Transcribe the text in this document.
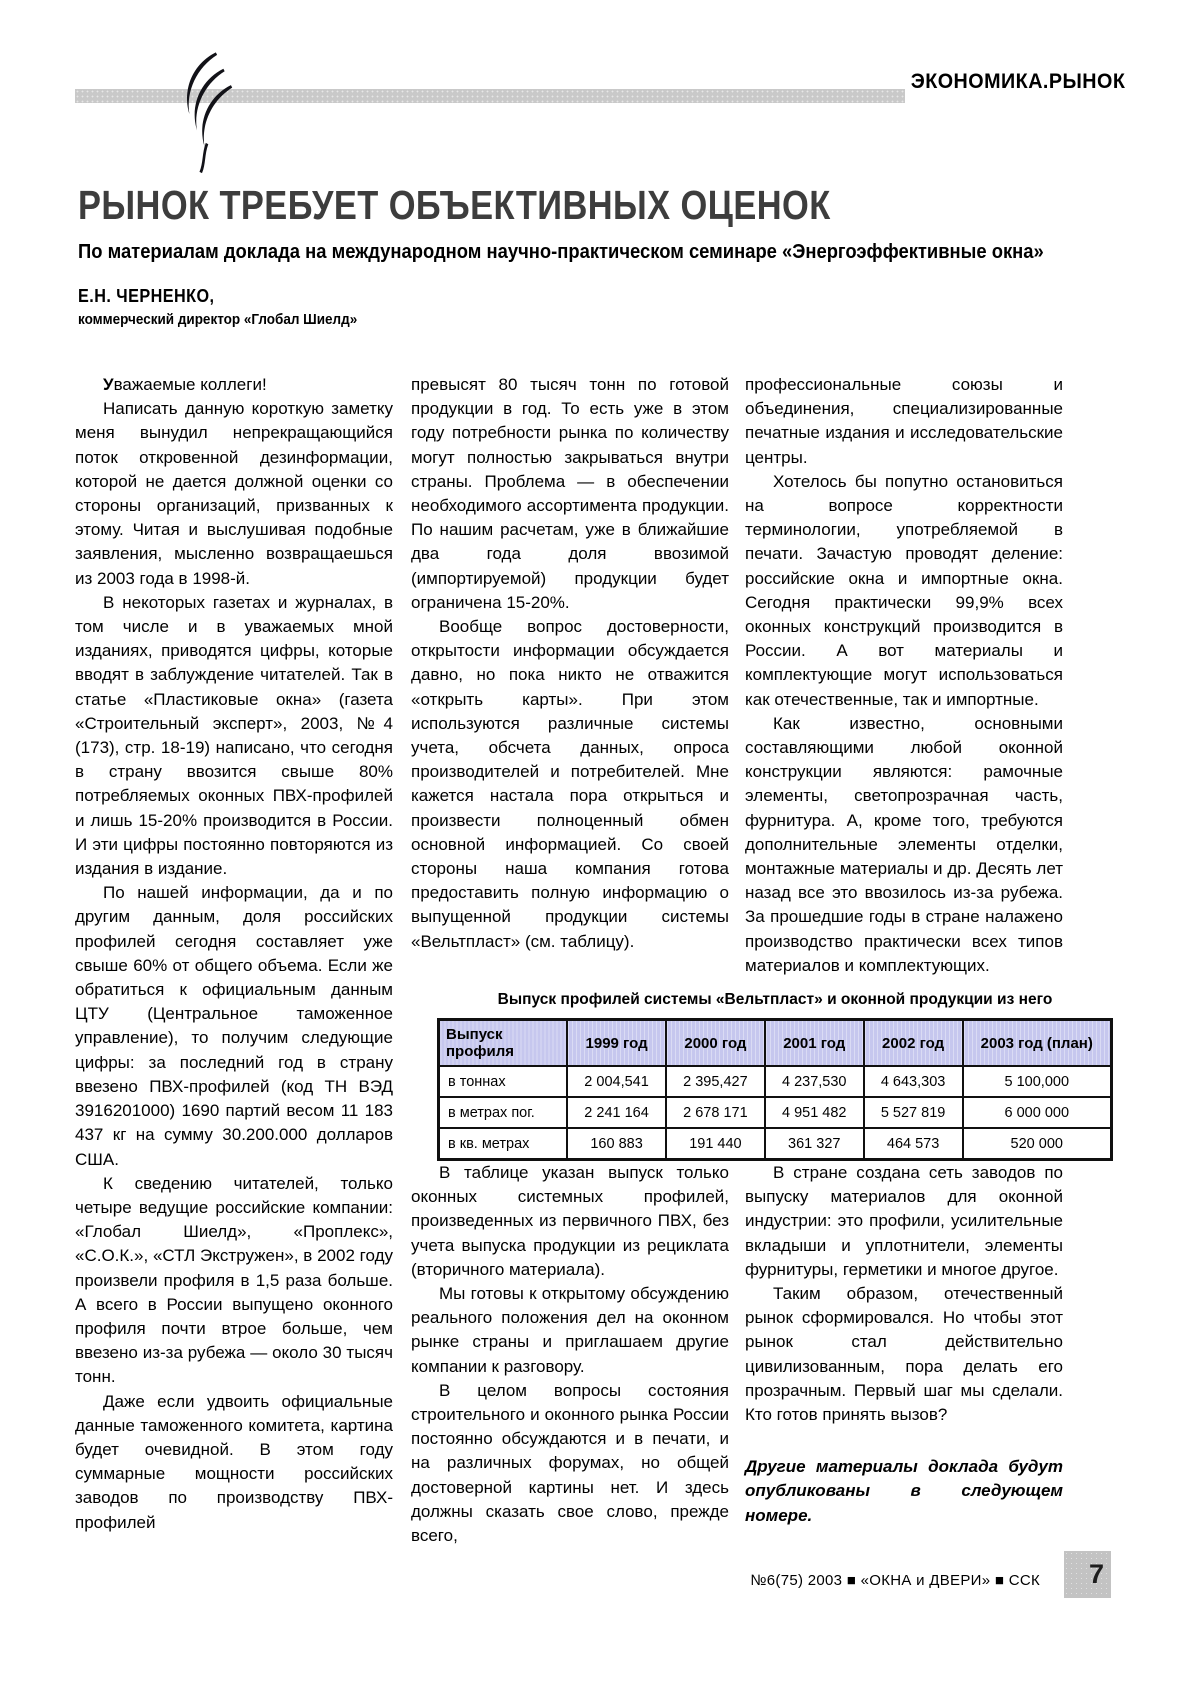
ЭКОНОМИКА.РЫНОК
РЫНОК ТРЕБУЕТ ОБЪЕКТИВНЫХ ОЦЕНОК
По материалам доклада на международном научно-практическом семинаре «Энергоэффективные окна»
Е.Н. ЧЕРНЕНКО,
коммерческий директор «Глобал Шиелд»

Уважаемые коллеги!

Написать данную короткую заметку меня вынудил непрекращающийся поток откровенной дезинформации, которой не дается должной оценки со стороны организаций, призванных к этому. Читая и выслушивая подобные заявления, мысленно возвращаешься из 2003 года в 1998-й.

В некоторых газетах и журналах, в том числе и в уважаемых мной изданиях, приводятся цифры, которые вводят в заблуждение читателей. Так в статье «Пластиковые окна» (газета «Строительный эксперт», 2003, №4 (173), стр. 18-19) написано, что сегодня в страну ввозится свыше 80% потребляемых оконных ПВХ-профилей и лишь 15-20% производится в России. И эти цифры постоянно повторяются из издания в издание.

По нашей информации, да и по другим данным, доля российских профилей сегодня составляет уже свыше 60% от общего объема. Если же обратиться к официальным данным ЦТУ (Центральное таможенное управление), то получим следующие цифры: за последний год в страну ввезено ПВХ-профилей (код ТН ВЭД 3916201000) 1690 партий весом 11 183 437 кг на сумму 30.200.000 долларов США.

К сведению читателей, только четыре ведущие российские компании: «Глобал Шиелд», «Проплекс», «С.О.К.», «СТЛ Экстружен», в 2002 году произвели профиля в 1,5 раза больше. А всего в России выпущено оконного профиля почти втрое больше, чем ввезено из-за рубежа — около 30 тысяч тонн.

Даже если удвоить официальные данные таможенного комитета, картина будет очевидной. В этом году суммарные мощности российских заводов по производству ПВХ-профилей

превысят 80 тысяч тонн по готовой продукции в год. То есть уже в этом году потребности рынка по количеству могут полностью закрываться внутри страны. Проблема — в обеспечении необходимого ассортимента продукции. По нашим расчетам, уже в ближайшие два года доля ввозимой (импортируемой) продукции будет ограничена 15-20%.

Вообще вопрос достоверности, открытости информации обсуждается давно, но пока никто не отважится «открыть карты». При этом используются различные системы учета, обсчета данных, опроса производителей и потребителей. Мне кажется настала пора открыться и произвести полноценный обмен основной информацией. Со своей стороны наша компания готова предоставить полную информацию о выпущенной продукции системы «Вельтпласт» (см. таблицу).

профессиональные союзы и объединения, специализированные печатные издания и исследовательские центры.

Хотелось бы попутно остановиться на вопросе корректности терминологии, употребляемой в печати. Зачастую проводят деление: российские окна и импортные окна. Сегодня практически 99,9% всех оконных конструкций производится в России. А вот материалы и комплектующие могут использоваться как отечественные, так и импортные.

Как известно, основными составляющими любой оконной конструкции являются: рамочные элементы, светопрозрачная часть, фурнитура. А, кроме того, требуются дополнительные элементы отделки, монтажные материалы и др. Десять лет назад все это ввозилось из-за рубежа. За прошедшие годы в стране налажено производство практически всех типов материалов и комплектующих.

Выпуск профилей системы «Вельтпласт» и оконной продукции из него
Выпуск профиля	1999 год	2000 год	2001 год	2002 год	2003 год (план)
в тоннах	2 004,541	2 395,427	4 237,530	4 643,303	5 100,000
в метрах пог.	2 241 164	2 678 171	4 951 482	5 527 819	6 000 000
в кв. метрах	160 883	191 440	361 327	464 573	520 000

В таблице указан выпуск только оконных системных профилей, произведенных из первичного ПВХ, без учета выпуска продукции из рециклата (вторичного материала).

Мы готовы к открытому обсуждению реального положения дел на оконном рынке страны и приглашаем другие компании к разговору.

В целом вопросы состояния строительного и оконного рынка России постоянно обсуждаются и в печати, и на различных форумах, но общей достоверной картины нет. И здесь должны сказать свое слово, прежде всего,

В стране создана сеть заводов по выпуску материалов для оконной индустрии: это профили, усилительные вкладыши и уплотнители, элементы фурнитуры, герметики и многое другое.

Таким образом, отечественный рынок сформировался. Но чтобы этот рынок стал действительно цивилизованным, пора делать его прозрачным. Первый шаг мы сделали. Кто готов принять вызов?

Другие материалы доклада будут опубликованы в следующем номере.

№6(75) 2003 ■ «ОКНА и ДВЕРИ» ■ ССК 7
